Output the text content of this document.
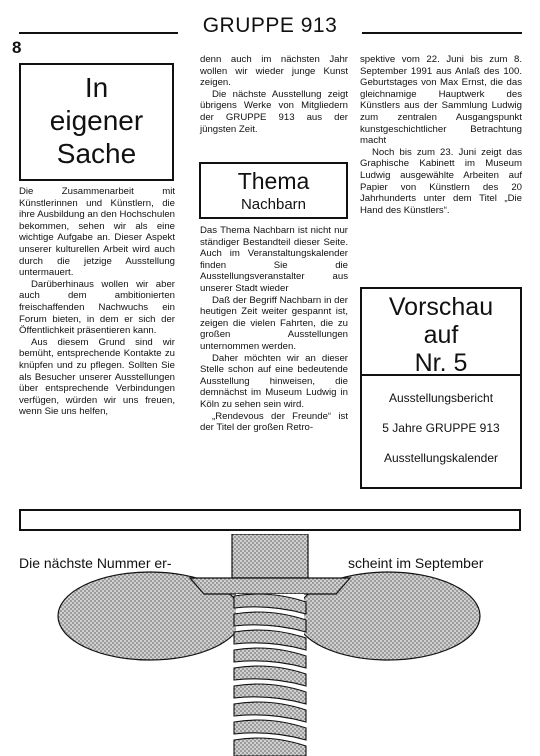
8
GRUPPE 913
In
eigener
Sache

Die Zusammenarbeit mit Künstlerinnen und Künstlern, die ihre Ausbildung an den Hochschulen bekommen, sehen wir als eine wichtige Aufgabe an. Dieser Aspekt unserer kulturellen Arbeit wird auch durch die jetzige Ausstellung untermauert.

Darüberhinaus wollen wir aber auch dem ambitionierten freischaffenden Nachwuchs ein Forum bieten, in dem er sich der Öffentlichkeit präsentieren kann.

Aus diesem Grund sind wir bemüht, entsprechende Kontakte zu knüpfen und zu pflegen. Sollten Sie als Besucher unserer Ausstellungen über entsprechende Verbindungen verfügen, würden wir uns freuen, wenn Sie uns helfen,

denn auch im nächsten Jahr wollen wir wieder junge Kunst zeigen.

Die nächste Ausstellung zeigt übrigens Werke von Mitgliedern der GRUPPE 913 aus der jüngsten Zeit.

Thema
Nachbarn

Das Thema Nachbarn ist nicht nur ständiger Bestandteil dieser Seite. Auch im Veranstaltungskalender finden Sie die Ausstellungsveranstalter aus unserer Stadt wieder

Daß der Begriff Nachbarn in der heutigen Zeit weiter gespannt ist, zeigen die vielen Fahrten, die zu großen Ausstellungen unternommen werden.

Daher möchten wir an dieser Stelle schon auf eine bedeutende Ausstellung hinweisen, die demnächst im Museum Ludwig in Köln zu sehen sein wird.

„Rendevous der Freunde“ ist der Titel der großen Retro-

spektive vom 22. Juni bis zum 8. September 1991 aus Anlaß des 100. Geburtstages von Max Ernst, die das gleichnamige Hauptwerk des Künstlers aus der Sammlung Ludwig zum zentralen Ausgangspunkt kunstgeschichtlicher Betrachtung macht

Noch bis zum 23. Juni zeigt das Graphische Kabinett im Museum Ludwig ausgewählte Arbeiten auf Papier von Künstlern des 20 Jahrhunderts unter dem Titel „Die Hand des Künstlers“.

Vorschau
auf
Nr. 5
Ausstellungsbericht
5 Jahre GRUPPE 913
Ausstellungskalender
Die nächste Nummer er-	scheint im September
